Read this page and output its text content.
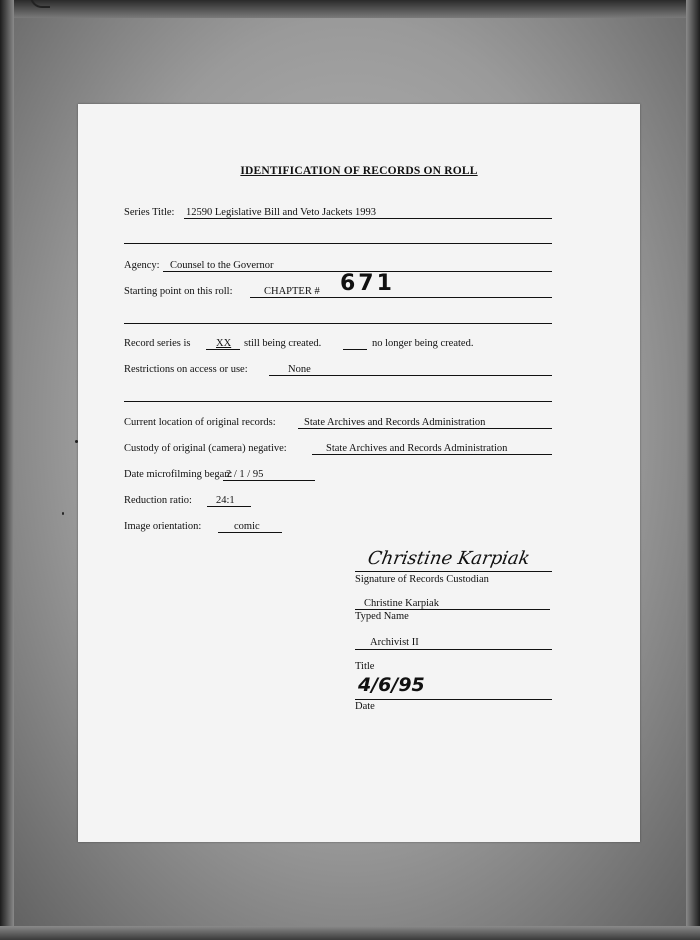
IDENTIFICATION OF RECORDS ON ROLL
Series Title: 12590 Legislative Bill and Veto Jackets 1993
Agency: Counsel to the Governor
Starting point on this roll:	CHAPTER # 671
Record series is XX still being created.	no longer being created.
Restrictions on access or use:	None
Current location of original records:	State Archives and Records Administration
Custody of original (camera) negative:	State Archives and Records Administration
Date microfilming began:
2 / 1 / 95
Reduction ratio: 24:1
Image orientation:	comic
Christine Karpiak
Signature of Records Custodian
Christine Karpiak
Typed Name
Archivist II
Title
4/6/95
Date
